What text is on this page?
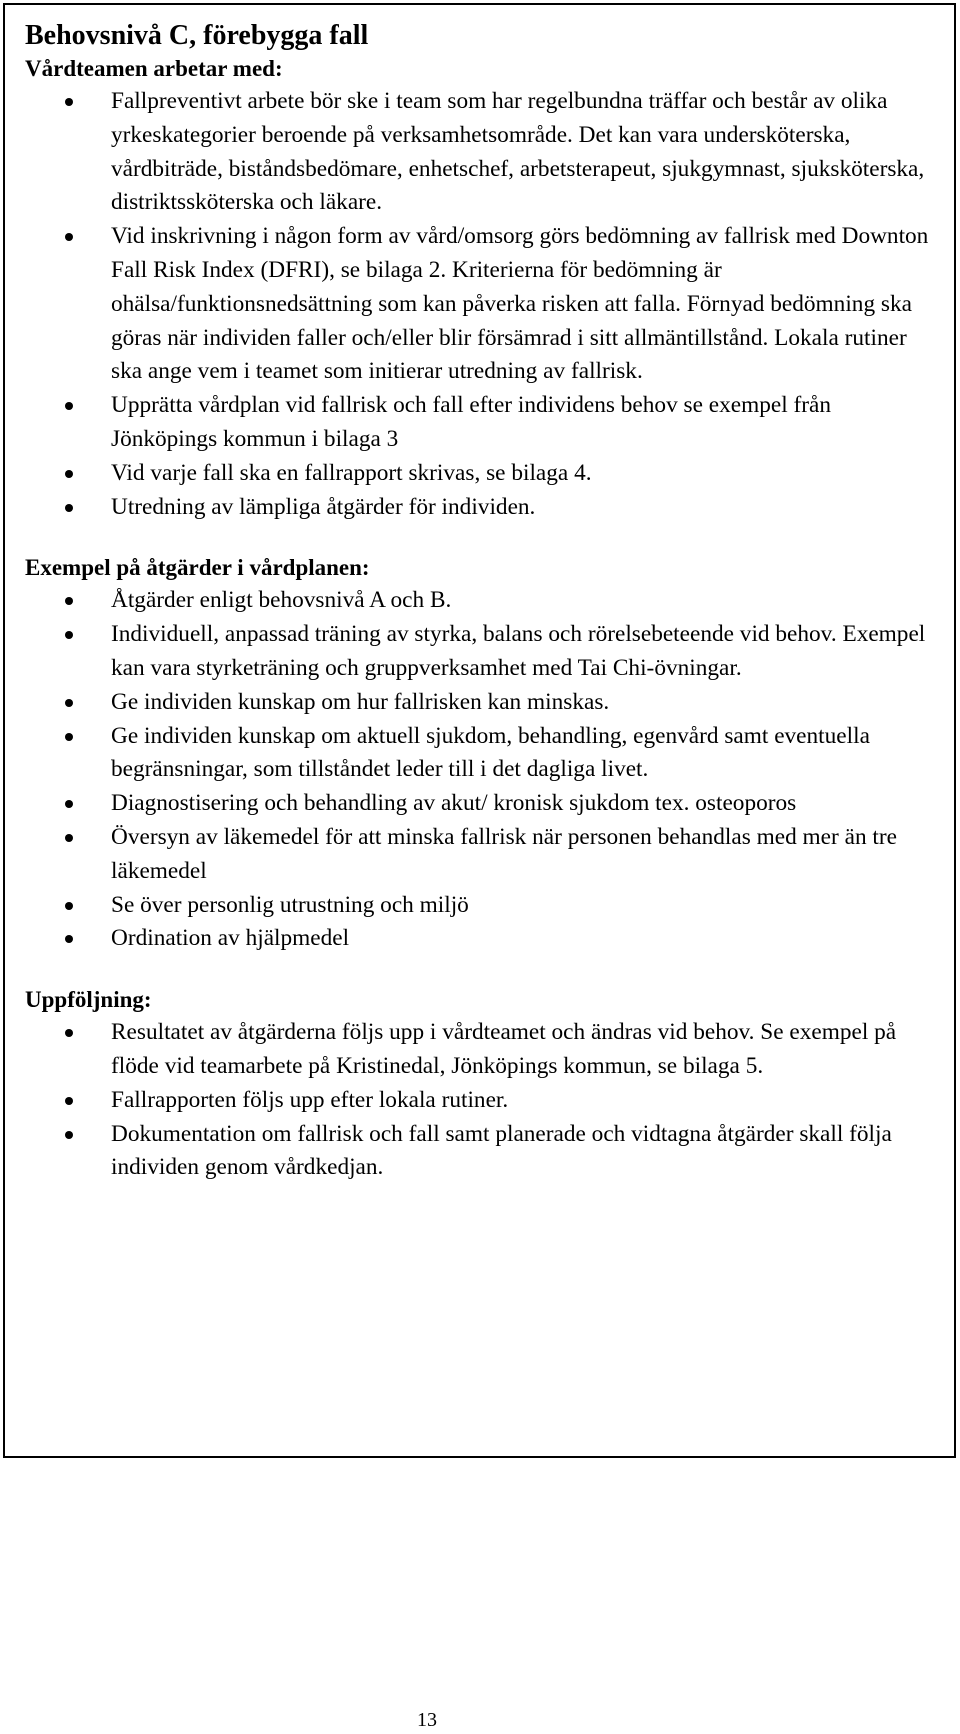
Behovsnivå C, förebygga fall
Vårdteamen arbetar med:
Fallpreventivt arbete bör ske i team som har regelbundna träffar och består av olika yrkeskategorier beroende på verksamhetsområde. Det kan vara undersköterska, vårdbiträde, biståndsbedömare, enhetschef, arbetsterapeut, sjukgymnast, sjuksköterska, distriktssköterska och läkare.
Vid inskrivning i någon form av vård/omsorg görs bedömning av fallrisk med Downton Fall Risk Index (DFRI), se bilaga 2. Kriterierna för bedömning är ohälsa/funktionsnedsättning som kan påverka risken att falla. Förnyad bedömning ska göras när individen faller och/eller blir försämrad i sitt allmäntillstånd. Lokala rutiner ska ange vem i teamet som initierar utredning av fallrisk.
Upprätta vårdplan vid fallrisk och fall efter individens behov se exempel från Jönköpings kommun i bilaga 3
Vid varje fall ska en fallrapport skrivas, se bilaga 4.
Utredning av lämpliga åtgärder för individen.
Exempel på åtgärder i vårdplanen:
Åtgärder enligt behovsnivå A och B.
Individuell, anpassad träning av styrka, balans och rörelsebeteende vid behov. Exempel kan vara styrketräning och gruppverksamhet med Tai Chi-övningar.
Ge individen kunskap om hur fallrisken kan minskas.
Ge individen kunskap om aktuell sjukdom, behandling, egenvård samt eventuella begränsningar, som tillståndet leder till i det dagliga livet.
Diagnostisering och behandling av akut/ kronisk sjukdom tex. osteoporos
Översyn av läkemedel för att minska fallrisk när personen behandlas med mer än tre läkemedel
Se över personlig utrustning och miljö
Ordination av hjälpmedel
Uppföljning:
Resultatet av åtgärderna följs upp i vårdteamet och ändras vid behov. Se exempel på flöde vid teamarbete på Kristinedal, Jönköpings kommun, se bilaga 5.
Fallrapporten följs upp efter lokala rutiner.
Dokumentation om fallrisk och fall samt planerade och vidtagna åtgärder skall följa individen genom vårdkedjan.
13
